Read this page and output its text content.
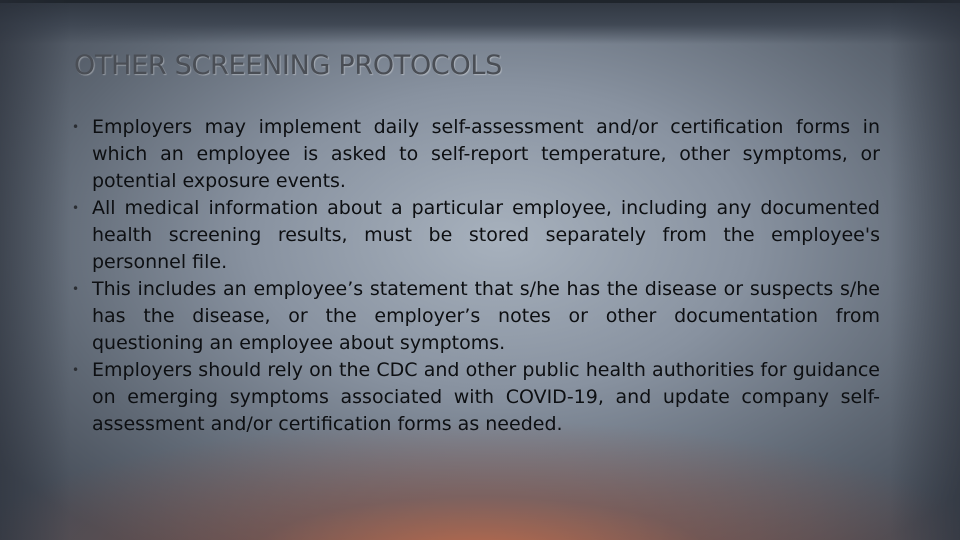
OTHER SCREENING PROTOCOLS
• Employers may implement daily self-assessment and/or certification forms in which an employee is asked to self-report temperature, other symptoms, or potential exposure events.
• All medical information about a particular employee, including any documented health screening results, must be stored separately from the employee's personnel file.
• This includes an employee’s statement that s/he has the disease or suspects s/he has the disease, or the employer’s notes or other documentation from questioning an employee about symptoms.
• Employers should rely on the CDC and other public health authorities for guidance on emerging symptoms associated with COVID-19, and update company self-assessment and/or certification forms as needed.
